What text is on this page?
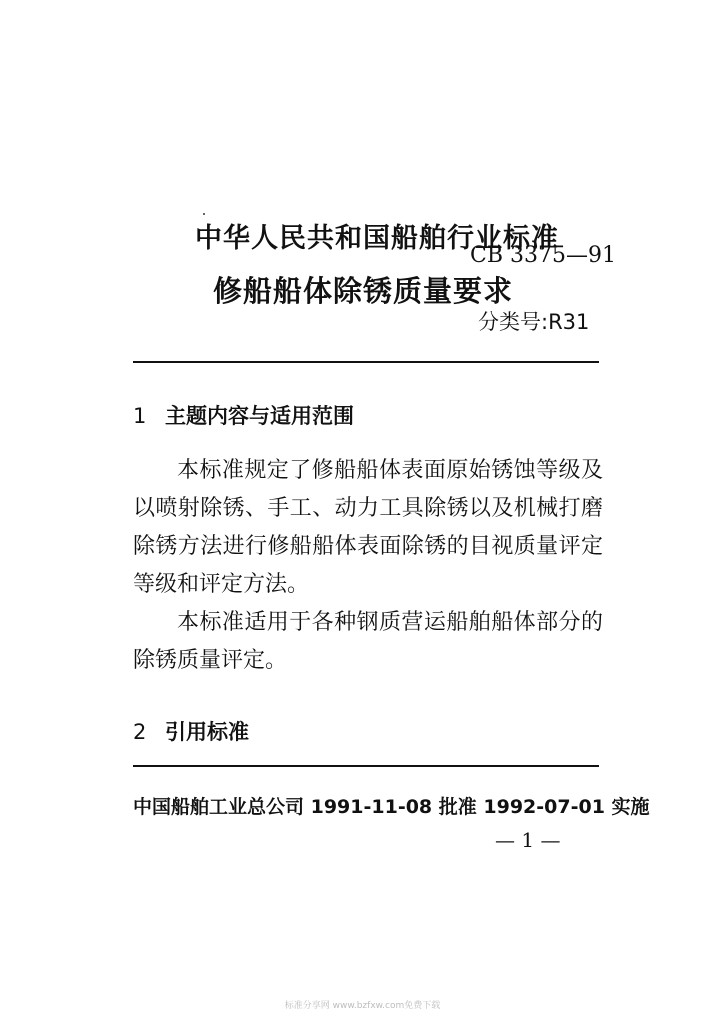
中华人民共和国船舶行业标准
CB 3375—91
修船船体除锈质量要求
分类号:R31
1 主题内容与适用范围

本标准规定了修船船体表面原始锈蚀等级及以喷射除锈、手工、动力工具除锈以及机械打磨除锈方法进行修船船体表面除锈的目视质量评定等级和评定方法。

本标准适用于各种钢质营运船舶船体部分的除锈质量评定。

2 引用标准
中国船舶工业总公司 1991-11-08 批准 1992-07-01 实施
— 1 —
标准分享网 www.bzfxw.com免费下载
